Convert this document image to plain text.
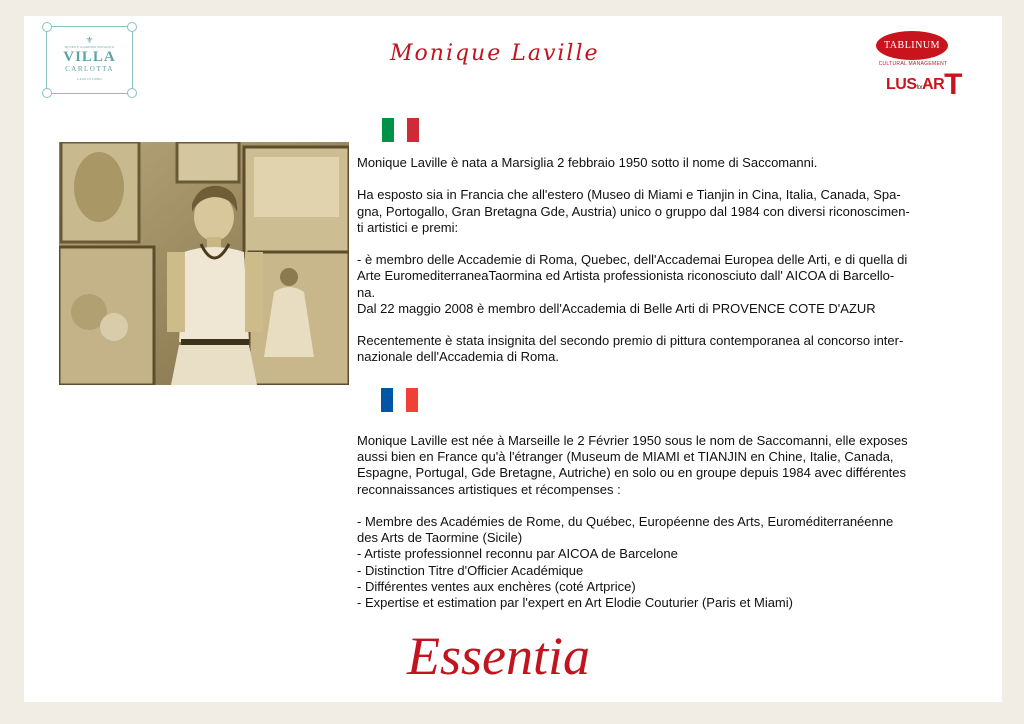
⚜
MUSEO E GIARDINO BOTANICO
VILLA
CARLOTTA
LAGO DI COMO
Monique Laville	TABLINUM
CULTURAL MANAGEMENT
LUSforART

Monique Laville è nata a Marsiglia 2 febbraio 1950 sotto il nome di Saccomanni.

Ha esposto sia in Francia che all'estero (Museo di Miami e Tianjin in Cina, Italia, Canada, Spa-

gna, Portogallo, Gran Bretagna Gde, Austria) unico o gruppo dal 1984 con diversi riconoscimen-

ti artistici e premi:

- è membro delle Accademie di Roma, Quebec, dell'Accademai Europea delle Arti, e di quella di

Arte EuromediterraneaTaormina ed Artista professionista riconosciuto dall' AICOA di Barcello-

na.

Dal 22 maggio 2008 è membro dell'Accademia di Belle Arti di PROVENCE COTE D'AZUR

Recentemente è stata insignita del secondo premio di pittura contemporanea al concorso inter-

nazionale dell'Accademia di Roma.

Monique Laville est née à Marseille le 2 Février 1950 sous le nom de Saccomanni, elle exposes

aussi bien en France qu'à l'étranger (Museum de MIAMI et TIANJIN en Chine, Italie, Canada,

Espagne, Portugal, Gde Bretagne, Autriche) en solo ou en groupe depuis 1984 avec différentes

reconnaissances artistiques et récompenses :

- Membre des Académies de Rome, du Québec, Européenne des Arts, Euroméditerranéenne

des Arts de Taormine (Sicile)

- Artiste professionnel reconnu par AICOA de Barcelone

- Distinction Titre d'Officier Académique

- Différentes ventes aux enchères (coté Artprice)

- Expertise et estimation par l'expert en Art Elodie Couturier (Paris et Miami)

Essentia
